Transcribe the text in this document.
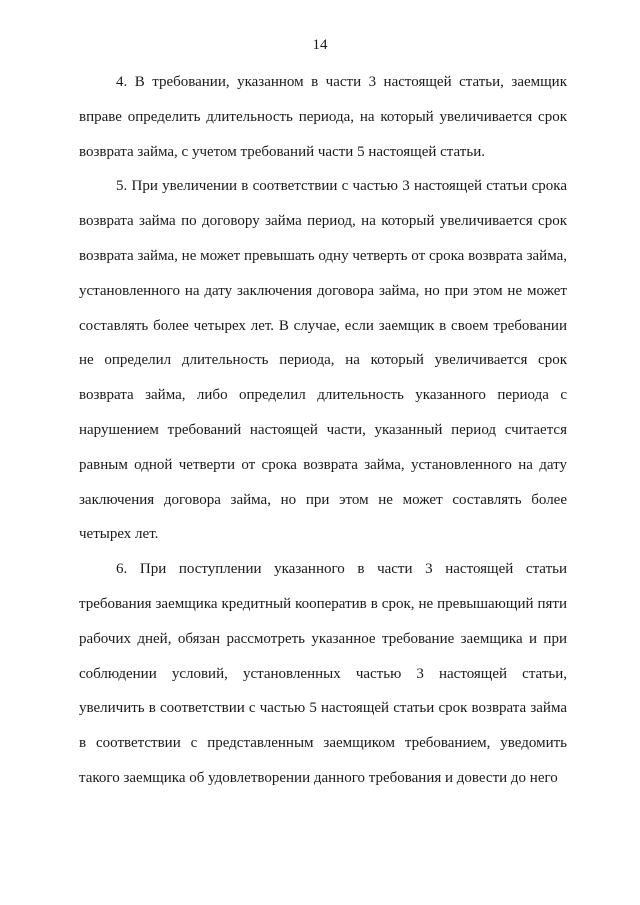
14

4. В требовании, указанном в части 3 настоящей статьи, заемщик вправе определить длительность периода, на который увеличивается срок возврата займа, с учетом требований части 5 настоящей статьи.

5. При увеличении в соответствии с частью 3 настоящей статьи срока возврата займа по договору займа период, на который увеличивается срок возврата займа, не может превышать одну четверть от срока возврата займа, установленного на дату заключения договора займа, но при этом не может составлять более четырех лет. В случае, если заемщик в своем требовании не определил длительность периода, на который увеличивается срок возврата займа, либо определил длительность указанного периода с нарушением требований настоящей части, указанный период считается равным одной четверти от срока возврата займа, установленного на дату заключения договора займа, но при этом не может составлять более четырех лет.

6. При поступлении указанного в части 3 настоящей статьи требования заемщика кредитный кооператив в срок, не превышающий пяти рабочих дней, обязан рассмотреть указанное требование заемщика и при соблюдении условий, установленных частью 3 настоящей статьи, увеличить в соответствии с частью 5 настоящей статьи срок возврата займа в соответствии с представленным заемщиком требованием, уведомить такого заемщика об удовлетворении данного требования и довести до него
